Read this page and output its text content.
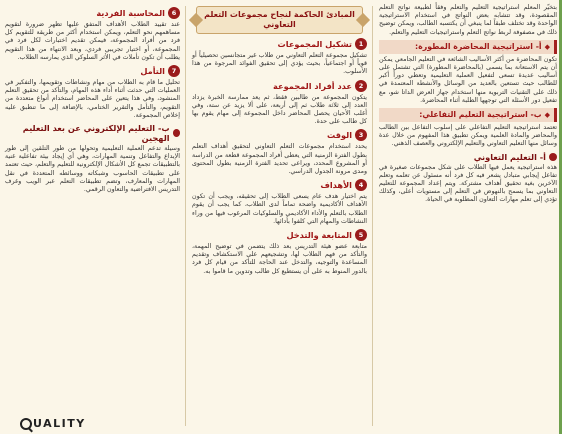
بتخيّر المعلم استراتيجية التعليم والتعلم وفقاً لطبيعة نواتج التعلم المقصودة، وقد تتشابه بعض النواتج في استخدام الاستراتيجية الواحدة وقد تختلف طبقاً لما ينبغي أن يكتسبه الطالب، ويمكن توضيح ذلك في مصفوفة لربط نواتج التعلم واستراتيجيات التعليم والتعلم.

◆
أ- استراتيجية المحاضرة المطورة:

تكون المحاضرة من أكثر الأساليب الشائعة في التعليم الجامعي يمكن أن يتم الاستعانة بما يسمى (بالمحاضرة المطورة) التي تشتمل على أساليب عديدة تسعى لتفعيل العملية التعليمية وتعطي دوراً أكبر للطالب حيث تستعين بالعديد من الوسائل والأنشطة المعتمدة في ذلك على التقنيات التربوية منها استخدام جهاز العرض الداتا شو، مع تفعيل دور الأسئلة التي توجهها الطلبة أثناء المحاضرة.

◆
ب- استراتيجية التعليم التفاعلي:

تعتمد استراتيجية التعليم التفاعلي على إسلوب التفاعل بين الطالب والمحاضر والمادة العلمية ويمكن تطبيق هذا المفهوم من خلال عدة وسائل منها التعليم التعاوني والتعليم الإلكتروني والعصف الذهني.

أ- التعليم التعاوني

هذه استراتيجية يعمل فيها الطلاب على شكل مجموعات صغيرة في تفاعل إيجابي متبادل يشعر فيه كل فرد أنه مسئول عن تعلمه وتعلم الآخرين بغية تحقيق أهداف مشتركة. ويتم إعداد المجموعة للتعليم التعاوني بما يسمح بالنهوض في التعلم إلى مستويات أعلى، وكذلك تؤدي إلى تعلم مهارات التعاون المطلوبة في الحياة.

المبادئ الحاكمة لنجاح مجموعات التعلم التعاوني
1
تشكيل المجموعات

تشكيل مجموعة التعلم التعاوني من طلاب غير متجانسين تحصيلياً أو قوياً أو اجتماعياً، بحيث يؤدي إلى تحقيق الفوائد المرجوة من هذا الأسلوب.

2
عدد أفراد المجموعة

يتكون المجموعة من طالبين فقط، ثم يعد ممارسة الخبرة يزداد العدد إلى ثلاثة طلاب ثم إلى أربعة، على ألا يزيد عن ستة، وفي أغلب الأحيان يحصل المحاضر داخل المجموعة إلى مهام يقوم بها كل طالب على حدة.

3
الوقت

يحدد استخدام مجموعات التعلم التعاوني لتحقيق أهداف التعلم بطول الفترة الزمنية التي يعطى أفراد المجموعة قطعة من الدراسة أو المشروع المحدد، ويراعى تحديد الفترة الزمنية بطول المحتوى ومدى مرونة الجدول الدراسي.

4
الأهداف

يتم اختيار هدف عام يسعى الطلاب إلى تحقيقه، ويجب أن تكون الأهداف الأكاديمية واضحة تماماً لدى الطلاب، كما يجب أن يقوم الطلاب بالتعلم والأداء الأكاديمي والسلوكيات المرغوب فيها من وراء النشاطات والمهام التي كلفوا بأدائها.

5
المتابعة والتدخل

متابعة عضو هيئة التدريس بعد ذلك يتضمن في توضيح المهمة، والتأكد من فهم الطلاب لها، وتشجيعهم على الاستكشاف وتقديم المساعدة والتوجيه، والتدخل عند الحاجة للتأكد من قيام كل فرد بالدور المنوط به على أن يستطيع كل طالب وتدوين ما قاموا به.

6
المحاسبة الفردية

عند تقييد الطلاب الأهداف المتفق عليها تظهر ضرورة لتقويم مساهمهم نحو التعلم، ويمكن استخدام أكثر من طريقة للتقويم كل فرد من أفراد المجموعة، فيمكن تقديم اختبارات لكل فرد في المجموعة، أو اختيار تجريبي فردي، وبعد الانتهاء من هذا التقويم يطلب أن تكون تأملات في الأثر السلوكي الذي يمارسه الطلاب.

7
التأمل

تحليل ما قام به الطلاب من مهام ونشاطات وتقويمها، والتفكير في العمليات التي حدثت أثناء أداء هذه المهام، والتأكد من تحقيق التعلم المنشود، وفي هذا يتعين على المحاضر استخدام أنواع متعددة من التقويم، والتأمل والتقرير الختامي، بالإضافة إلى ما تنطبق عليه إخلاص المجموعة.

ب- التعليم الإلكتروني عن بعد التعليم الهجين

وسيلة تدعم العملية التعليمية وتحولها من طور التلقين إلى طور الإبداع والتفاعل وتنمية المهارات، وهي أي إيجاد بيئة تفاعلية غنية بالتطبيقات تجمع كل الأشكال الإلكترونية للتعليم والتعلم، حيث تعتمد على تطبيقات الحاسوب وشبكاته ووسائطه المتعددة في نقل المهارات والمعارف، وتضم تطبيقات التعلم عبر الويب وغرف التدريس الافتراضية والتعاون الرقمي.

UALITY
